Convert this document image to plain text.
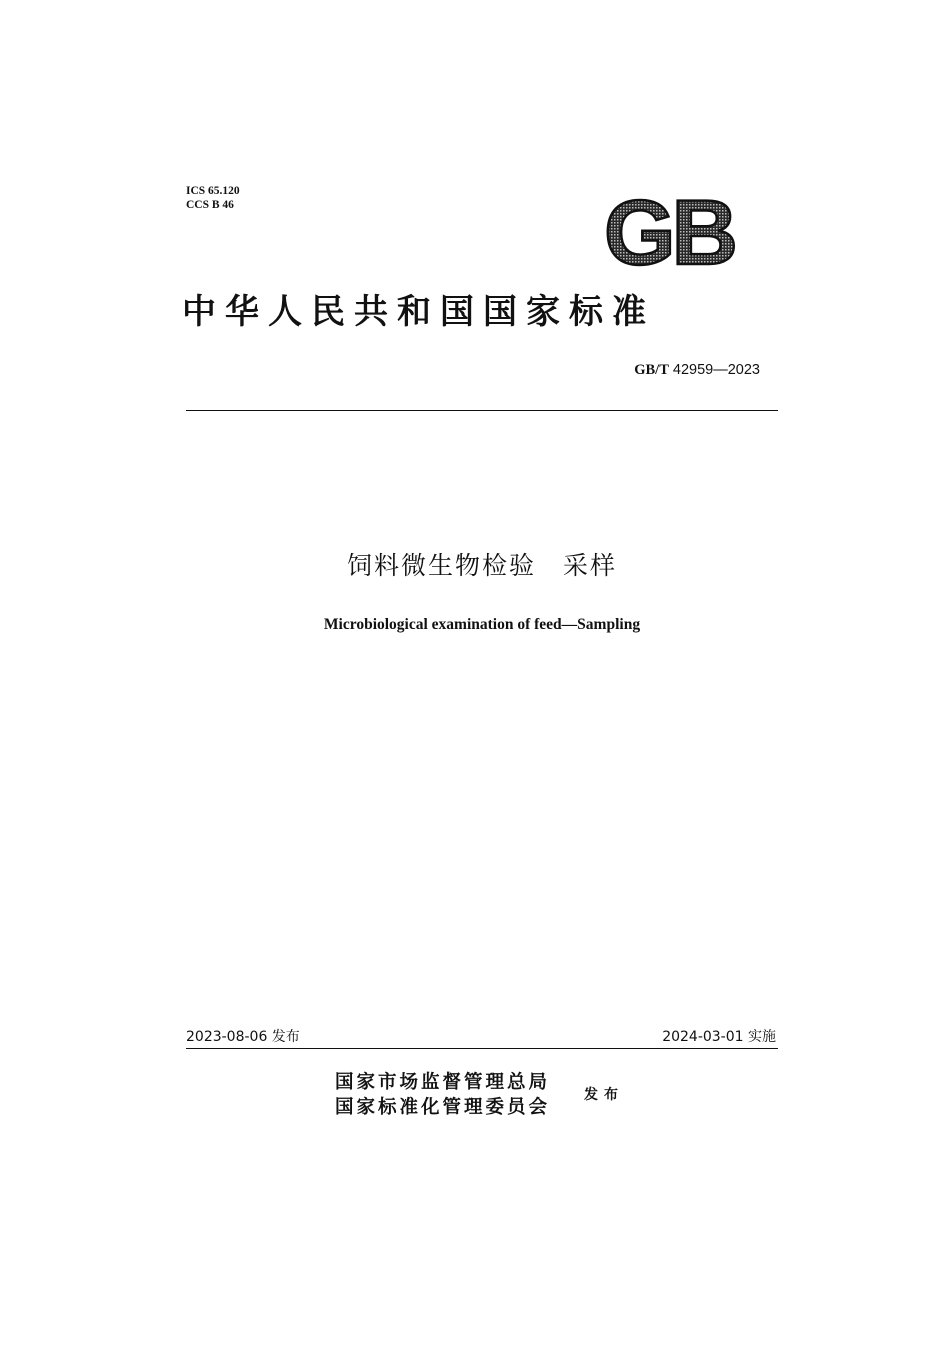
ICS 65.120
CCS B 46	GB
中华人民共和国国家标准
GB/T 42959—2023
饲料微生物检验　采样
Microbiological examination of feed—Sampling
2023-08-06 发布	2024-03-01 实施
国家市场监督管理总局
国家标准化管理委员会
发布
